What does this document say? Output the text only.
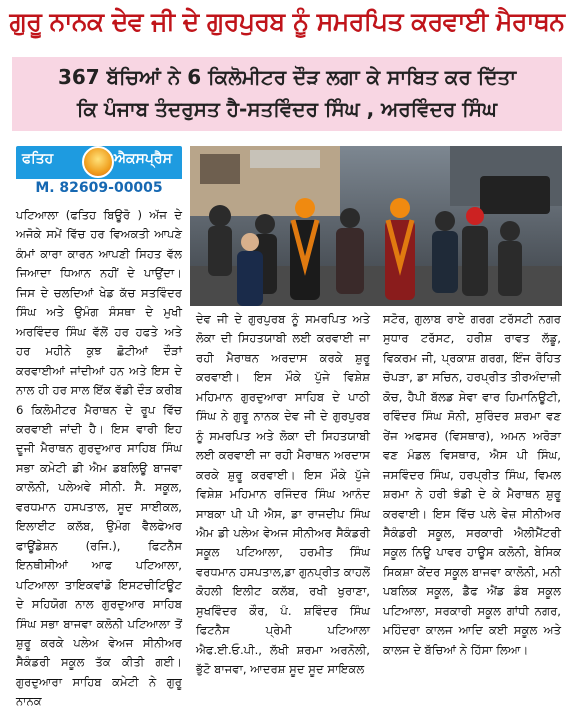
ਗੁਰੂ ਨਾਨਕ ਦੇਵ ਜੀ ਦੇ ਗੁਰਪੁਰਬ ਨੂੰ ਸਮਰਪਿਤ ਕਰਵਾਈ ਮੈਰਾਥਨ
367 ਬੱਚਿਆਂ ਨੇ 6 ਕਿਲੋਮੀਟਰ ਦੌੜ ਲਗਾ ਕੇ ਸਾਬਿਤ ਕਰ ਦਿੱਤਾ
ਕਿ ਪੰਜਾਬ ਤੰਦਰੁਸਤ ਹੈ-ਸਤਵਿੰਦਰ ਸਿੰਘ , ਅਰਵਿੰਦਰ ਸਿੰਘ
ਫਤਿਹ	ਐਕਸਪ੍ਰੈਸ
M. 82609-00005

ਪਟਿਆਲਾ (ਫਤਿਹ ਬਿਊਰੋ ) ਅੱਜ ਦੇ ਅਜੋਕੇ ਸਮੇਂ ਵਿੱਚ ਹਰ ਵਿਅਕਤੀ ਆਪਣੇ ਕੰਮਾਂ ਕਾਰਾ ਕਾਰਨ ਆਪਣੀ ਸਿਹਤ ਵੱਲ ਜਿਆਦਾ ਧਿਆਨ ਨਹੀਂ ਦੇ ਪਾਉਂਦਾ। ਜਿਸ ਦੇ ਚਲਦਿਆਂ ਖੇਡ ਕੱਚ ਸਤਵਿੰਦਰ ਸਿੰਘ ਅਤੇ ਉਮੰਗ ਸੰਸਥਾ ਦੇ ਮੁਖੀ ਅਰਵਿੰਦਰ ਸਿੰਘ ਵੱਲੋਂ ਹਰ ਹਫਤੇ ਅਤੇ ਹਰ ਮਹੀਨੇ ਕੁਝ ਛੋਟੀਆਂ ਦੌੜਾਂ ਕਰਵਾਈਆਂ ਜਾਂਦੀਆਂ ਹਨ ਅਤੇ ਇਸ ਦੇ ਨਾਲ ਹੀ ਹਰ ਸਾਲ ਇੱਕ ਵੱਡੀ ਦੌੜ ਕਰੀਬ 6 ਕਿਲੋਮੀਟਰ ਮੈਰਾਥਨ ਦੇ ਰੂਪ ਵਿੱਚ ਕਰਵਾਈ ਜਾਂਦੀ ਹੈ। ਇਸ ਵਾਰੀ ਇਹ ਦੂਜੀ ਮੈਰਾਥਨ ਗੁਰਦੁਆਰ ਸਾਹਿਬ ਸਿੰਘ ਸਭਾ ਕਮੇਟੀ ਡੀ ਐਮ ਡਬਲਿਊ ਬਾਜਵਾ ਕਾਲੋਨੀ, ਪਲੇਅਵੇ ਸੀਨੀ. ਸੈ. ਸਕੂਲ, ਵਰਧਮਾਨ ਹਸਪਤਾਲ, ਸੂਦ ਸਾਈਕਲ, ਇਲਾਈਟ ਕਲੱਬ, ਉਮੰਗ ਵੈਲਫੇਅਰ ਫਾਊਂਡੇਸ਼ਨ (ਰਜਿ.), ਫਿਟਨੈਸ ਇਨਥੀਸੀਆਂ ਆਫ ਪਟਿਆਲਾ, ਪਟਿਆਲਾ ਤਾਇਕਵਾਂਡੋ ਇਸਟਚੀਟਿਊਟ ਦੇ ਸਹਿਯੋਗ ਨਾਲ ਗੁਰਦੁਆਰ ਸਾਹਿਬ ਸਿੰਘ ਸਭਾ ਬਾਜਵਾ ਕਲੋਨੀ ਪਟਿਆਲਾ ਤੋਂ ਸ਼ੁਰੂ ਕਰਕੇ ਪਲੇਅ ਵੇਅਜ ਸੀਨੀਅਰ ਸੈਕੰਡਰੀ ਸਕੂਲ ਤੱਕ ਕੀਤੀ ਗਈ। ਗੁਰਦੁਆਰਾ ਸਾਹਿਬ ਕਮੇਟੀ ਨੇ ਗੁਰੂ ਨਾਨਕ

ਦੇਵ ਜੀ ਦੇ ਗੁਰਪੁਰਬ ਨੂੰ ਸਮਰਪਿਤ ਅਤੇ ਲੋਕਾ ਦੀ ਸਿਹਤਯਾਬੀ ਲਈ ਕਰਵਾਈ ਜਾ ਰਹੀ ਮੈਰਾਥਨ ਅਰਦਾਸ ਕਰਕੇ ਸ਼ੁਰੂ ਕਰਵਾਈ। ਇਸ ਮੌਕੇ ਪੁੱਜੇ ਵਿਸ਼ੇਸ਼ ਮਹਿਮਾਨ ਗੁਰਦੁਆਰਾ ਸਾਹਿਬ ਦੇ ਪਾਠੀ ਸਿੰਘ ਨੇ ਗੁਰੂ ਨਾਨਕ ਦੇਵ ਜੀ ਦੇ ਗੁਰਪੁਰਬ ਨੂੰ ਸਮਰਪਿਤ ਅਤੇ ਲੋਕਾ ਦੀ ਸਿਹਤਯਾਬੀ ਲਈ ਕਰਵਾਈ ਜਾ ਰਹੀ ਮੈਰਾਥਨ ਅਰਦਾਸ ਕਰਕੇ ਸ਼ੁਰੂ ਕਰਵਾਈ। ਇਸ ਮੌਕੇ ਪੁੱਜੇ ਵਿਸ਼ੇਸ਼ ਮਹਿਮਾਨ ਰਜਿੰਦਰ ਸਿੰਘ ਆਨੰਦ ਸਾਬਕਾ ਪੀ ਪੀ ਐਸ, ਡਾ ਰਾਜਦੀਪ ਸਿੰਘ ਐਮ ਡੀ ਪਲੇਅ ਵੇਅਜ ਸੀਨੀਅਰ ਸੈਕੰਡਰੀ ਸਕੂਲ ਪਟਿਆਲਾ, ਹਰਮੀਤ ਸਿੰਘ ਵਰਧਮਾਨ ਹਸਪਤਾਲ,ਡਾ ਗੁਨਪ੍ਰੀਤ ਕਾਹਲੋਂ ਕੋਹਲੀ ਇਲੀਟ ਕਲੱਬ, ਰਖੀ ਖੁਰਾਣਾ, ਸੁਖਵਿੰਦਰ ਕੌਰ, ਪੰ. ਸ਼ਵਿੰਦਰ ਸਿੰਘ ਫਿਟਨੈਸ ਪ੍ਰੇਮੀ ਪਟਿਆਲਾ ਐਫ.ਈ.ਓ.ਪੀ., ਲੱਖੀ ਸ਼ਰਮਾ ਅਰਨੋਲੀ, ਭੁੱਟੋ ਬਾਜਵਾ, ਆਦਰਸ਼ ਸੂਦ ਸੂਦ ਸਾਇਕਲ

ਸਟੋਰ, ਗੁਲਾਬ ਰਾਏ ਗਰਗ ਟਰੱਸਟੀ ਨਗਰ ਸੁਧਾਰ ਟਰੱਸਟ, ਹਰੀਸ਼ ਰਾਵਤ ਲੱਡੂ, ਵਿਕਰਮ ਜੀ, ਪ੍ਰਕਾਸ਼ ਗਰਗ, ਇੰਜ ਰੋਹਿਤ ਚੋਪੜਾ, ਡਾ ਸਚਿਨ, ਹਰਪ੍ਰੀਤ ਤੀਰਅੰਦਾਜ਼ੀ ਕੋਚ, ਹੈਪੀ ਬੱਲਡ ਸੇਵਾ ਵਾਰ ਹਿਮਾਨਿਊਟੀ, ਰਵਿੰਦਰ ਸਿੰਘ ਸੋਨੀ, ਸੁਰਿੰਦਰ ਸ਼ਰਮਾ ਵਣ ਰੇਂਜ ਅਫਸਰ (ਵਿਸਥਾਰ), ਅਮਨ ਅਰੋੜਾ ਵਣ ਮੰਡਲ ਵਿਸਥਾਰ, ਐਸ ਪੀ ਸਿੰਘ, ਜਸਵਿੰਦਰ ਸਿੰਘ, ਹਰਪ੍ਰੀਤ ਸਿੰਘ, ਵਿਮਲ ਸ਼ਰਮਾ ਨੇ ਹਰੀ ਝੰਡੀ ਦੇ ਕੇ ਮੈਰਾਥਨ ਸ਼ੁਰੂ ਕਰਵਾਈ। ਇਸ ਵਿੱਚ ਪਲੇ ਵੇਜ਼ ਸੀਨੀਅਰ ਸੈਕੰਡਰੀ ਸਕੂਲ, ਸਰਕਾਰੀ ਐਲੀਮੈਂਟਰੀ ਸਕੂਲ ਨਿਊ ਪਾਵਰ ਹਾਊਸ ਕਲੋਨੀ, ਬੇਸਿਕ ਸਿਕਸ਼ਾ ਕੇਂਦਰ ਸਕੂਲ ਬਾਜਵਾ ਕਾਲੋਨੀ, ਮਨੀ ਪਬਲਿਕ ਸਕੂਲ, ਡੈਫ ਐਂਡ ਡੰਬ ਸਕੂਲ ਪਟਿਆਲਾ, ਸਰਕਾਰੀ ਸਕੂਲ ਗਾਂਧੀ ਨਗਰ, ਮਹਿੰਦਰਾ ਕਾਲਜ ਆਦਿ ਕਈ ਸਕੂਲ ਅਤੇ ਕਾਲਜ ਦੇ ਬੱਚਿਆਂ ਨੇ ਹਿੱਸਾ ਲਿਆ।
